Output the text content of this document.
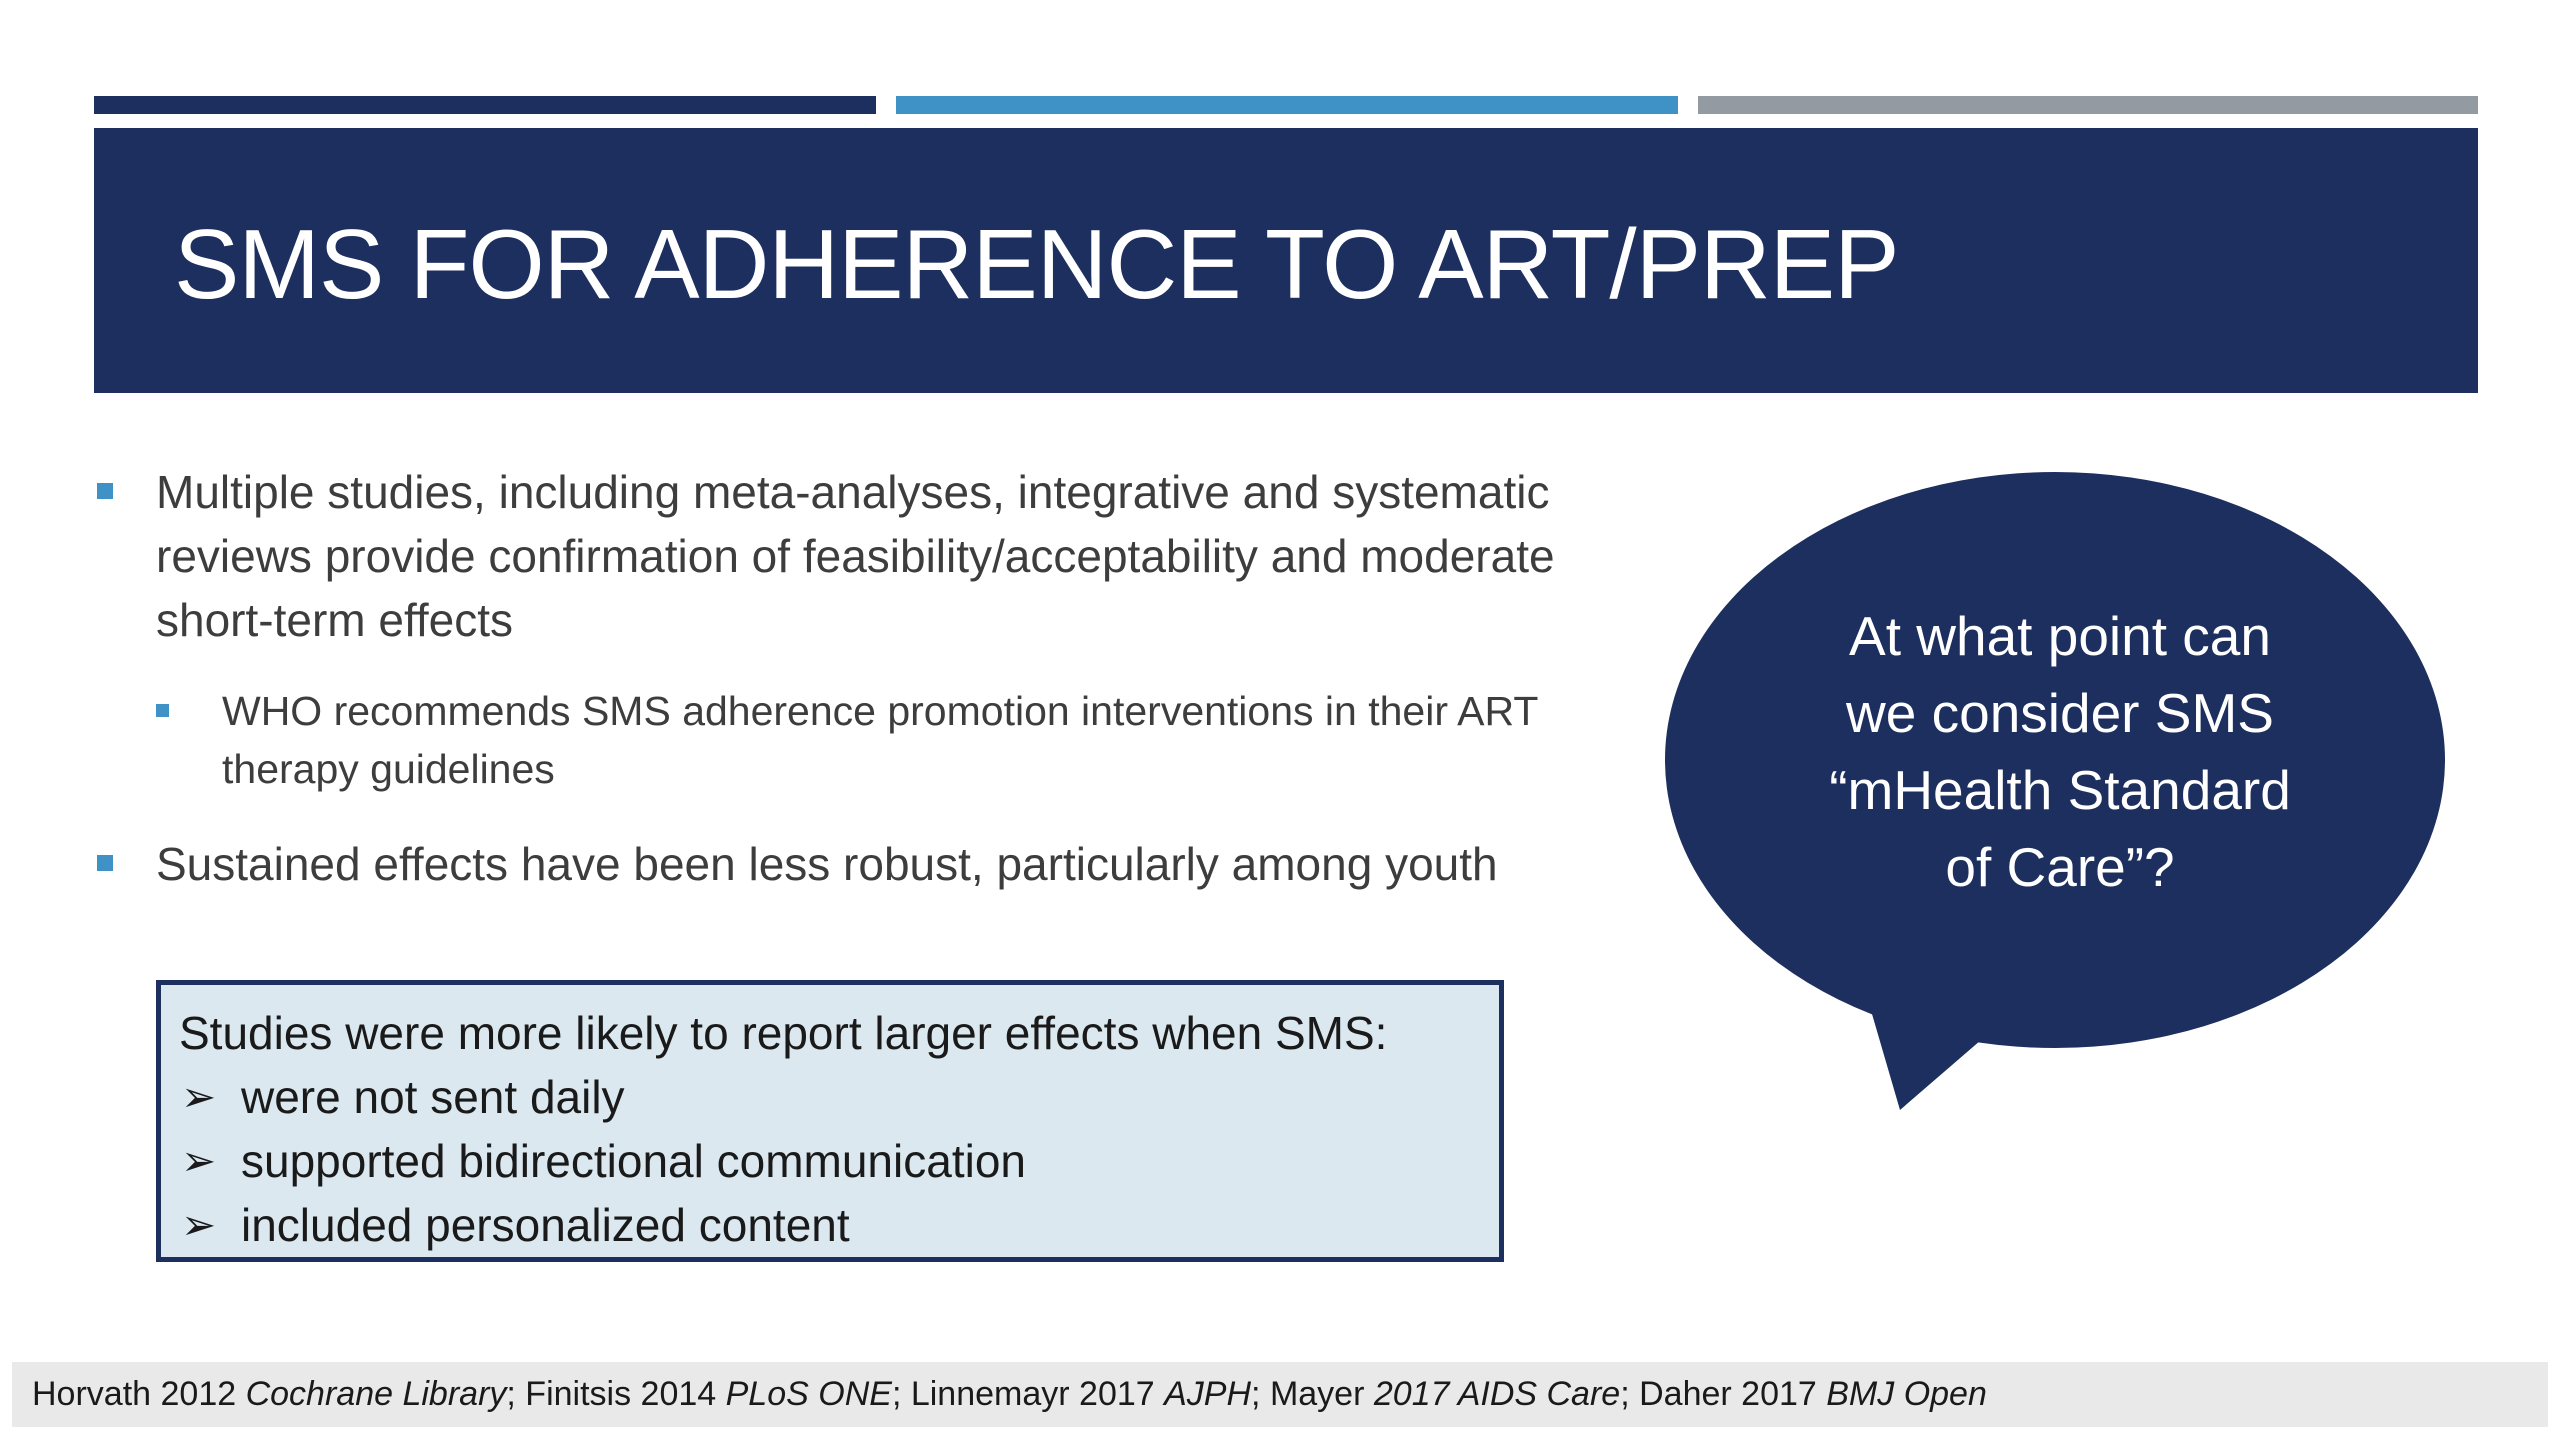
SMS FOR ADHERENCE TO ART/PREP
Multiple studies, including meta-analyses, integrative and systematic reviews provide confirmation of feasibility/acceptability and moderate short-term effects
WHO recommends SMS adherence promotion interventions in their ART therapy guidelines
Sustained effects have been less robust, particularly among youth
Studies were more likely to report larger effects when SMS:
➢ were not sent daily
➢ supported bidirectional communication
➢ included personalized content

At what point can
we consider SMS
“mHealth Standard
of Care”?

Horvath 2012 Cochrane Library; Finitsis 2014 PLoS ONE; Linnemayr 2017 AJPH; Mayer 2017 AIDS Care; Daher 2017 BMJ Open
